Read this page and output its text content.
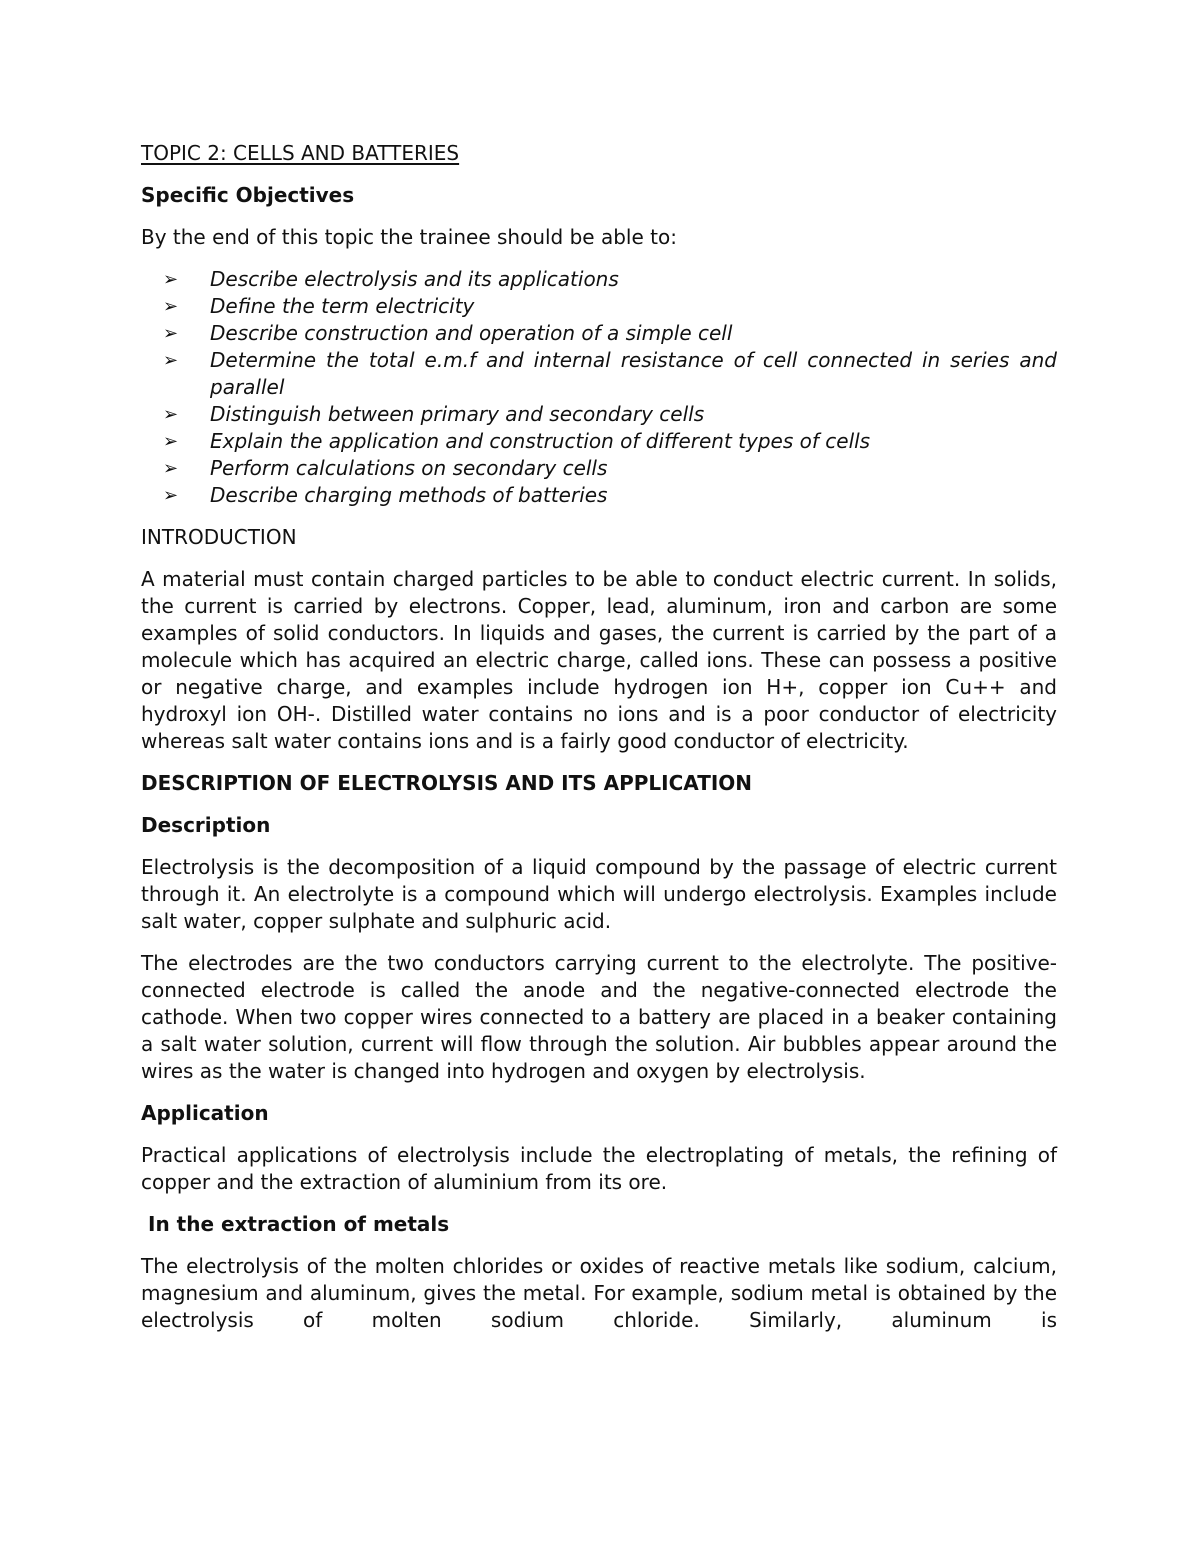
TOPIC 2: CELLS AND BATTERIES
Specific Objectives

By the end of this topic the trainee should be able to:

➢ Describe electrolysis and its applications
➢ Define the term electricity
➢ Describe construction and operation of a simple cell
➢ Determine the total e.m.f and internal resistance of cell connected in series and parallel
➢ Distinguish between primary and secondary cells
➢ Explain the application and construction of different types of cells
➢ Perform calculations on secondary cells
➢ Describe charging methods of batteries
INTRODUCTION

A material must contain charged particles to be able to conduct electric current. In solids, the current is carried by electrons. Copper, lead, aluminum, iron and carbon are some examples of solid conductors. In liquids and gases, the current is carried by the part of a molecule which has acquired an electric charge, called ions. These can possess a positive or negative charge, and examples include hydrogen ion H+, copper ion Cu++ and hydroxyl ion OH-. Distilled water contains no ions and is a poor conductor of electricity whereas salt water contains ions and is a fairly good conductor of electricity.

DESCRIPTION OF ELECTROLYSIS AND ITS APPLICATION
Description

Electrolysis is the decomposition of a liquid compound by the passage of electric current through it. An electrolyte is a compound which will undergo electrolysis. Examples include salt water, copper sulphate and sulphuric acid.

The electrodes are the two conductors carrying current to the electrolyte. The positive-connected electrode is called the anode and the negative-connected electrode the cathode. When two copper wires connected to a battery are placed in a beaker containing a salt water solution, current will flow through the solution. Air bubbles appear around the wires as the water is changed into hydrogen and oxygen by electrolysis.

Application

Practical applications of electrolysis include the electroplating of metals, the refining of copper and the extraction of aluminium from its ore.

In the extraction of metals

The electrolysis of the molten chlorides or oxides of reactive metals like sodium, calcium, magnesium and aluminum, gives the metal. For example, sodium metal is obtained by the electrolysis of molten sodium chloride. Similarly, aluminum is
